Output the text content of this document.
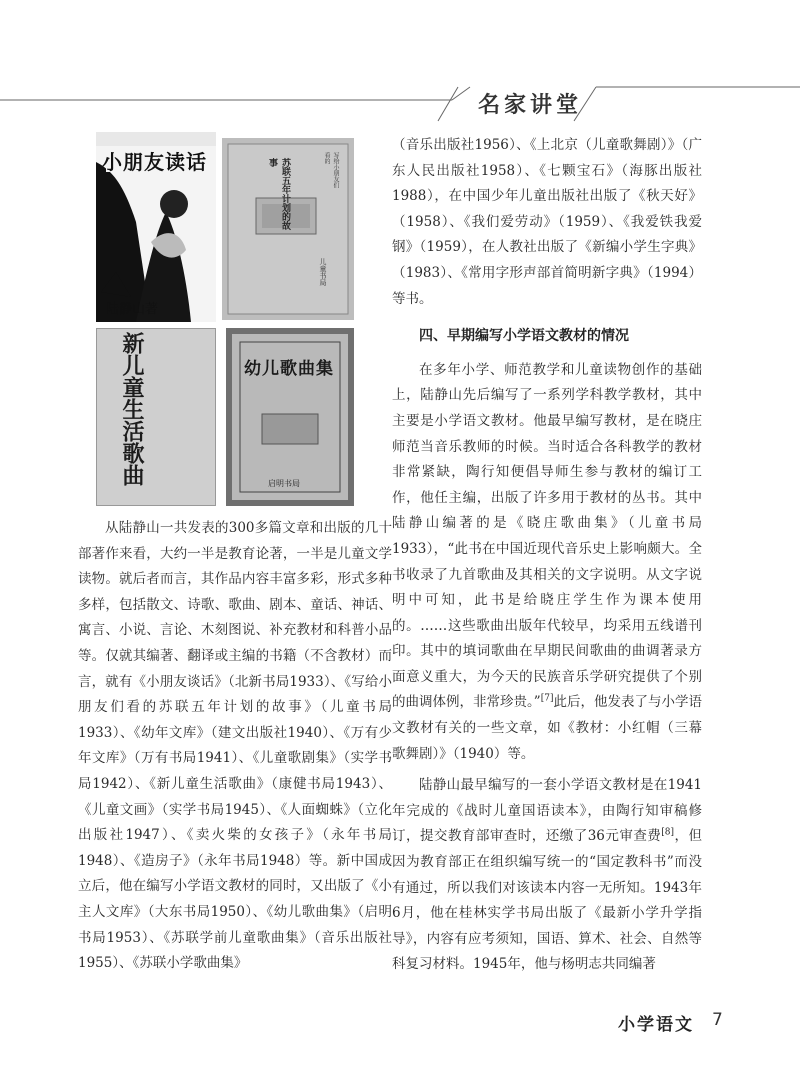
名家讲堂
小朋友读话
陆静山著
写给小朋友们看的
苏联五年计划的故事
儿童书局
新儿童生活歌曲	幼儿歌曲集
启明书局

从陆静山一共发表的300多篇文章和出版的几十部著作来看，大约一半是教育论著，一半是儿童文学读物。就后者而言，其作品内容丰富多彩，形式多种多样，包括散文、诗歌、歌曲、剧本、童话、神话、寓言、小说、言论、木刻图说、补充教材和科普小品等。仅就其编著、翻译或主编的书籍（不含教材）而言，就有《小朋友谈话》（北新书局1933）、《写给小朋友们看的苏联五年计划的故事》（儿童书局1933）、《幼年文库》（建文出版社1940）、《万有少年文库》（万有书局1941）、《儿童歌剧集》（实学书局1942）、《新儿童生活歌曲》（康健书局1943）、《儿童文画》（实学书局1945）、《人面蜘蛛》（立化出版社1947）、《卖火柴的女孩子》（永年书局1948）、《造房子》（永年书局1948）等。新中国成立后，他在编写小学语文教材的同时，又出版了《小主人文库》（大东书局1950）、《幼儿歌曲集》（启明书局1953）、《苏联学前儿童歌曲集》（音乐出版社1955）、《苏联小学歌曲集》

（音乐出版社1956）、《上北京（儿童歌舞剧）》（广东人民出版社1958）、《七颗宝石》（海豚出版社1988），在中国少年儿童出版社出版了《秋天好》（1958）、《我们爱劳动》（1959）、《我爱铁我爱钢》（1959），在人教社出版了《新编小学生字典》（1983）、《常用字形声部首简明新字典》（1994）等书。

四、早期编写小学语文教材的情况

在多年小学、师范教学和儿童读物创作的基础上，陆静山先后编写了一系列学科教学教材，其中主要是小学语文教材。他最早编写教材，是在晓庄师范当音乐教师的时候。当时适合各科教学的教材非常紧缺，陶行知便倡导师生参与教材的编订工作，他任主编，出版了许多用于教材的丛书。其中陆静山编著的是《晓庄歌曲集》（儿童书局1933），“此书在中国近现代音乐史上影响颇大。全书收录了九首歌曲及其相关的文字说明。从文字说明中可知，此书是给晓庄学生作为课本使用的。……这些歌曲出版年代较早，均采用五线谱刊印。其中的填词歌曲在早期民间歌曲的曲调著录方面意义重大，为今天的民族音乐学研究提供了个别的曲调体例，非常珍贵。”[7]此后，他发表了与小学语文教材有关的一些文章，如《教材：小红帽（三幕歌舞剧）》（1940）等。

陆静山最早编写的一套小学语文教材是在1941年完成的《战时儿童国语读本》，由陶行知审稿修订，提交教育部审查时，还缴了36元审查费[8]，但因为教育部正在组织编写统一的“国定教科书”而没有通过，所以我们对该读本内容一无所知。1943年6月，他在桂林实学书局出版了《最新小学升学指导》，内容有应考须知，国语、算术、社会、自然等科复习材料。1945年，他与杨明志共同编著

小学语文 7
